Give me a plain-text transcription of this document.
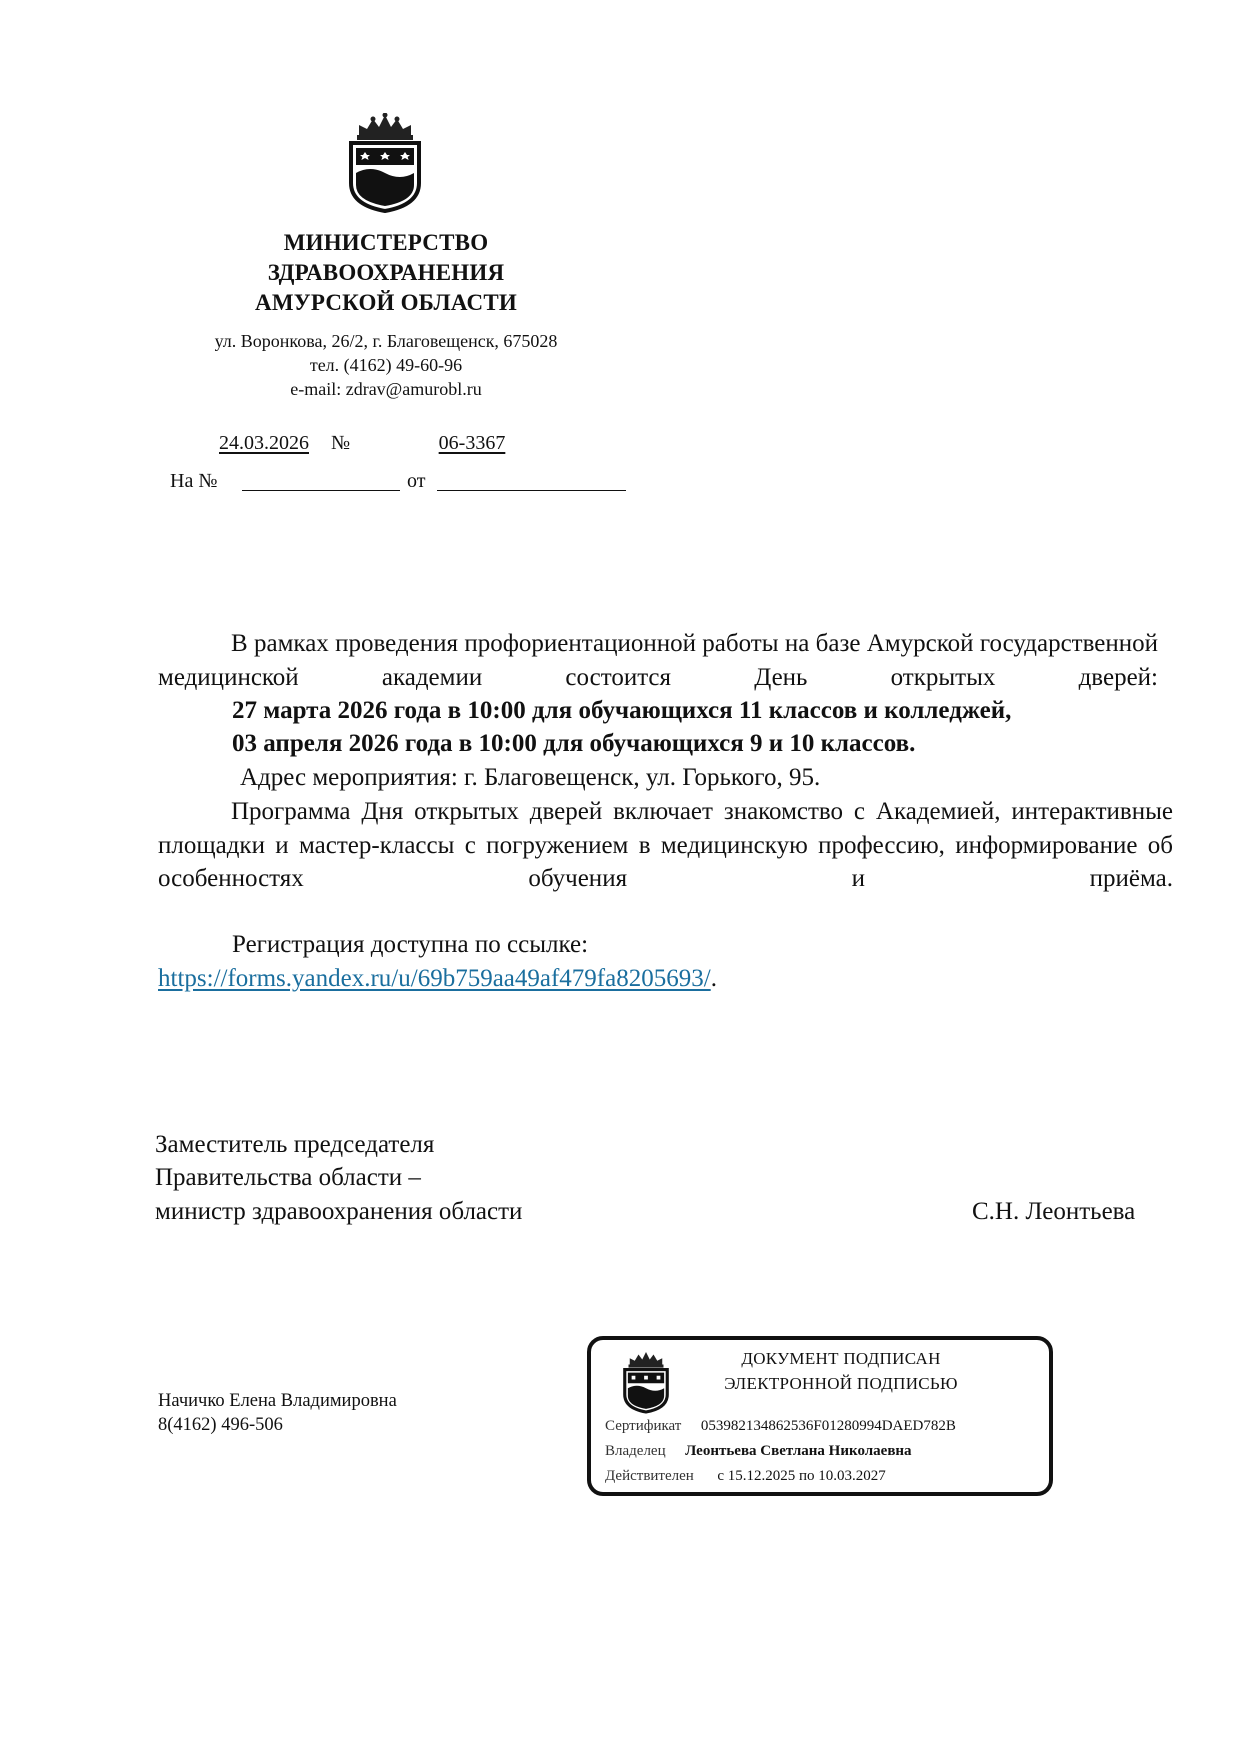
МИНИСТЕРСТВО
ЗДРАВООХРАНЕНИЯ
АМУРСКОЙ ОБЛАСТИ
ул. Воронкова, 26/2, г. Благовещенск, 675028
тел. (4162) 49-60-96
e-mail: zdrav@amurobl.ru
24.03.2026	№	06-3367
На №	от
В рамках проведения профориентационной работы на базе Амурской государственной медицинской академии состоится День открытых дверей:
27 марта 2026 года в 10:00 для обучающихся 11 классов и колледжей,
03 апреля 2026 года в 10:00 для обучающихся 9 и 10 классов.
Адрес мероприятия: г. Благовещенск, ул. Горького, 95.
Программа Дня открытых дверей включает знакомство с Академией, интерактивные площадки и мастер-классы с погружением в медицинскую профессию, информирование об особенностях обучения и приёма.
Регистрация доступна по ссылке:
https://forms.yandex.ru/u/69b759aa49af479fa8205693/.
Заместитель председателя
Правительства области –
министр здравоохранения области	С.Н. Леонтьева
Начичко Елена Владимировна
8(4162) 496-506
ДОКУМЕНТ ПОДПИСАН
ЭЛЕКТРОННОЙ ПОДПИСЬЮ
Сертификат 053982134862536F01280994DAED782B
Владелец Леонтьева Светлана Николаевна
Действителен с 15.12.2025 по 10.03.2027
